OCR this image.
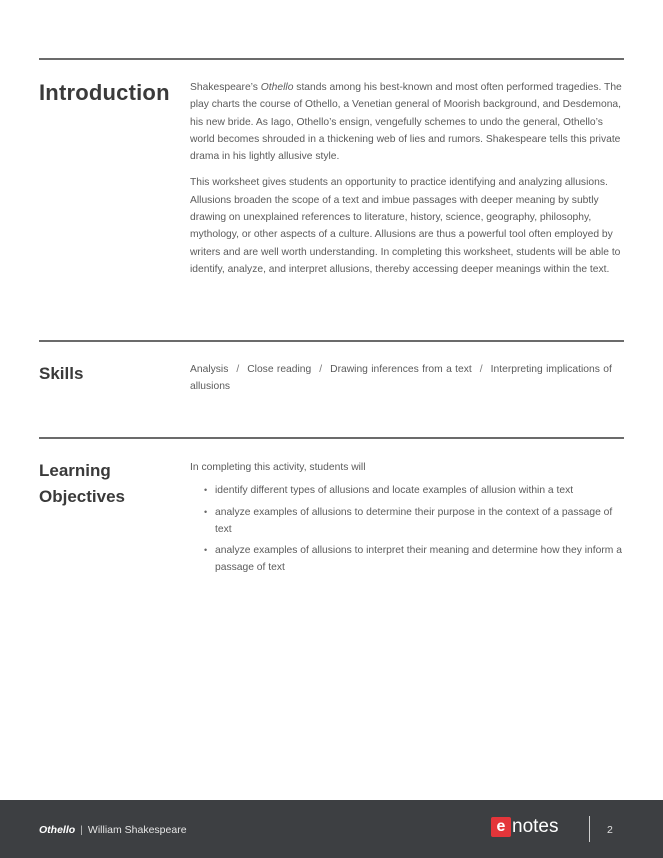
Introduction Shakespeare’s Othello stands among his best-known and most often performed tragedies. The play charts the course of Othello, a Venetian general of Moorish background, and Desdemona, his new bride. As Iago, Othello’s ensign, vengefully schemes to undo the general, Othello’s world becomes shrouded in a thickening web of lies and rumors. Shakespeare tells this private drama in his lightly allusive style.

This worksheet gives students an opportunity to practice identifying and analyzing allusions. Allusions broaden the scope of a text and imbue passages with deeper meaning by subtly drawing on unexplained references to literature, history, science, geography, philosophy, mythology, or other aspects of a culture. Allusions are thus a powerful tool often employed by writers and are well worth understanding. In completing this worksheet, students will be able to identify, analyze, and interpret allusions, thereby accessing deeper meanings within the text.

Skills	Analysis / Close reading / Drawing inferences from a text / Interpreting implications of allusions
Learning
Objectives
In completing this activity, students will
• identify different types of allusions and locate examples of allusion within a text
• analyze examples of allusions to determine their purpose in the context of a passage of text
• analyze examples of allusions to interpret their meaning and determine how they inform a passage of text
Othello | William Shakespeare	e notes	2
